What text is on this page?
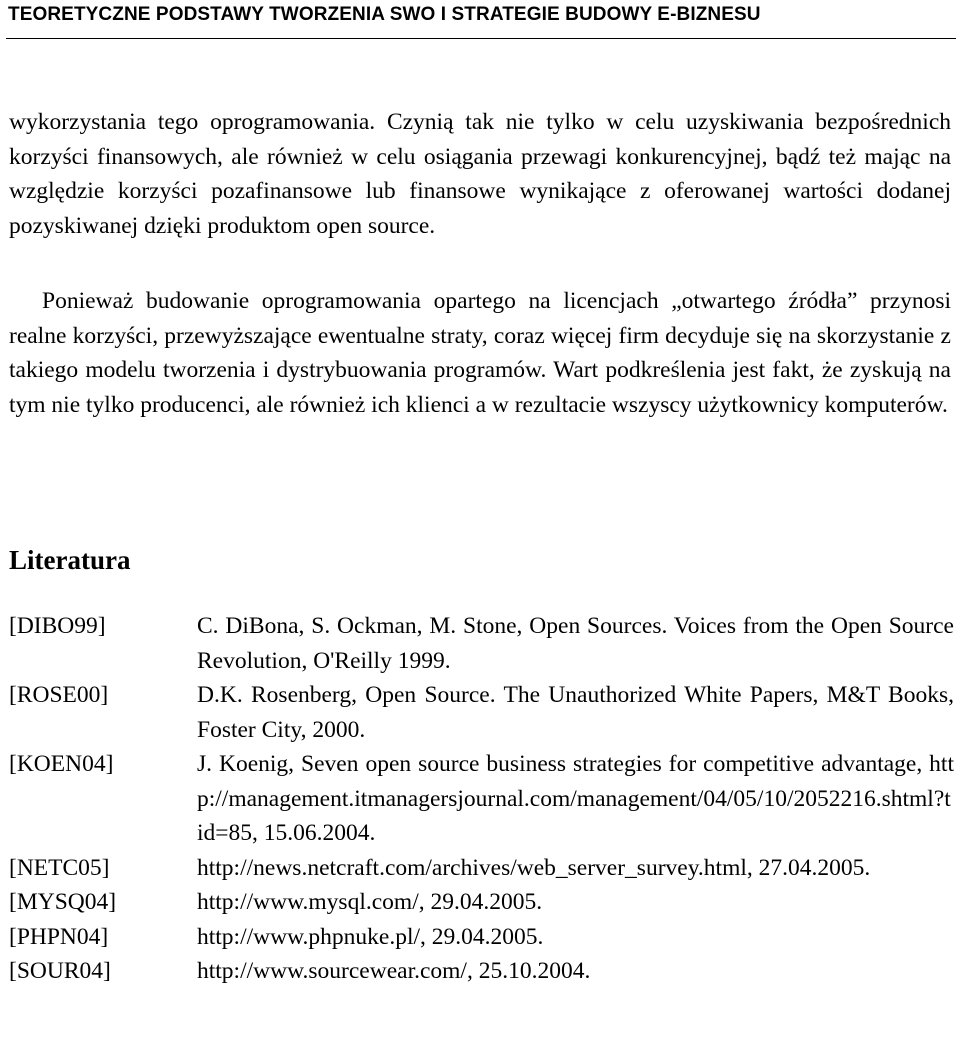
TEORETYCZNE PODSTAWY TWORZENIA SWO I STRATEGIE BUDOWY E-BIZNESU

wykorzystania tego oprogramowania. Czynią tak nie tylko w celu uzyskiwania bezpośrednich korzyści finansowych, ale również w celu osiągania przewagi konkurencyjnej, bądź też mając na względzie korzyści pozafinansowe lub finansowe wynikające z oferowanej wartości dodanej pozyskiwanej dzięki produktom open source.

Ponieważ budowanie oprogramowania opartego na licencjach „otwartego źródła” przynosi realne korzyści, przewyższające ewentualne straty, coraz więcej firm decyduje się na skorzystanie z takiego modelu tworzenia i dystrybuowania programów. Wart podkreślenia jest fakt, że zyskują na tym nie tylko producenci, ale również ich klienci a w rezultacie wszyscy użytkownicy komputerów.

Literatura
[DIBO99]	C. DiBona, S. Ockman, M. Stone, Open Sources. Voices from the Open Source Revolution, O'Reilly 1999.
[ROSE00]	D.K. Rosenberg, Open Source. The Unauthorized White Papers, M&T Books, Foster City, 2000.
[KOEN04]	J. Koenig, Seven open source business strategies for competitive advantage, http://management.itmanagersjournal.com/management/04/05/10/2052216.shtml?tid=85, 15.06.2004.
[NETC05]	http://news.netcraft.com/archives/web_server_survey.html, 27.04.2005.
[MYSQ04]	http://www.mysql.com/, 29.04.2005.
[PHPN04]	http://www.phpnuke.pl/, 29.04.2005.
[SOUR04]	http://www.sourcewear.com/, 25.10.2004.
